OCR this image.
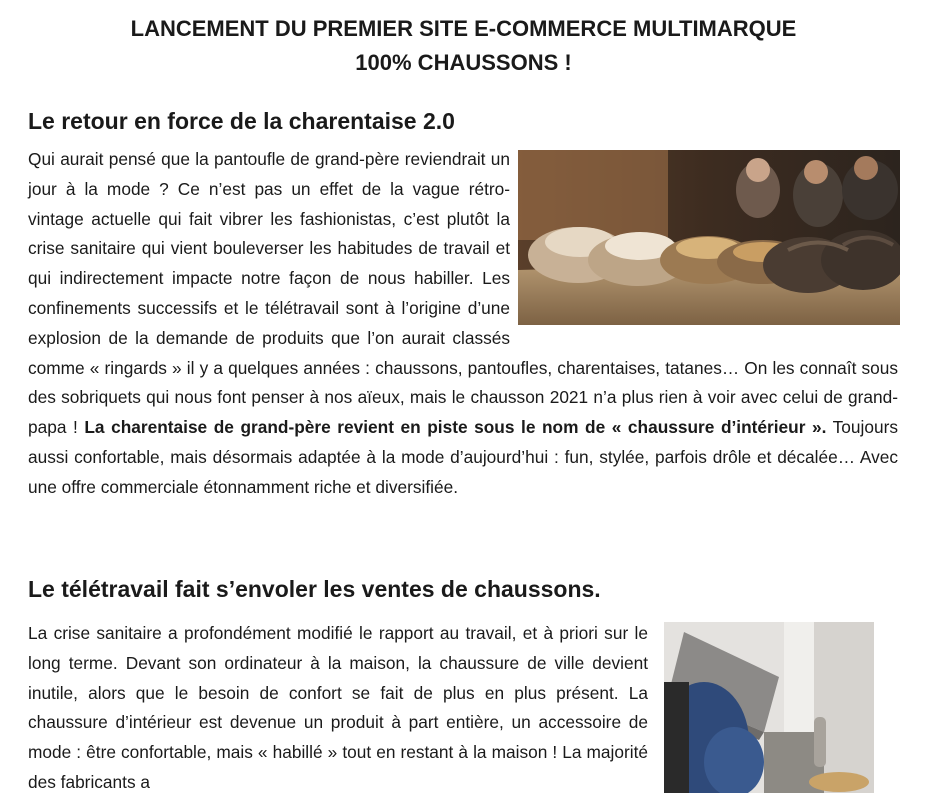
LANCEMENT DU PREMIER SITE E-COMMERCE MULTIMARQUE
100% CHAUSSONS !
Le retour en force de la charentaise 2.0
Qui aurait pensé que la pantoufle de grand-père reviendrait un jour à la mode ? Ce n’est pas un effet de la vague rétro-vintage actuelle qui fait vibrer les fashionistas, c’est plutôt la crise sanitaire qui vient bouleverser les habitudes de travail et qui indirectement impacte notre façon de nous habiller. Les confinements successifs et le télétravail sont à l’origine d’une explosion de la demande de produits que l’on aurait classés comme « ringards » il y a quelques années : chaussons, pantoufles, charentaises, tatanes… On les connaît sous des sobriquets qui nous font penser à nos aïeux, mais le chausson 2021 n’a plus rien à voir avec celui de grand-papa ! La charentaise de grand-père revient en piste sous le nom de « chaussure d’intérieur ». Toujours aussi confortable, mais désormais adaptée à la mode d’aujourd’hui : fun, stylée, parfois drôle et décalée… Avec une offre commerciale étonnamment riche et diversifiée.
Le télétravail fait s’envoler les ventes de chaussons.
La crise sanitaire a profondément modifié le rapport au travail, et à priori sur le long terme. Devant son ordinateur à la maison, la chaussure de ville devient inutile, alors que le besoin de confort se fait de plus en plus présent. La chaussure d’intérieur est devenue un produit à part entière, un accessoire de mode : être confortable, mais « habillé » tout en restant à la maison ! La majorité des fabricants a
